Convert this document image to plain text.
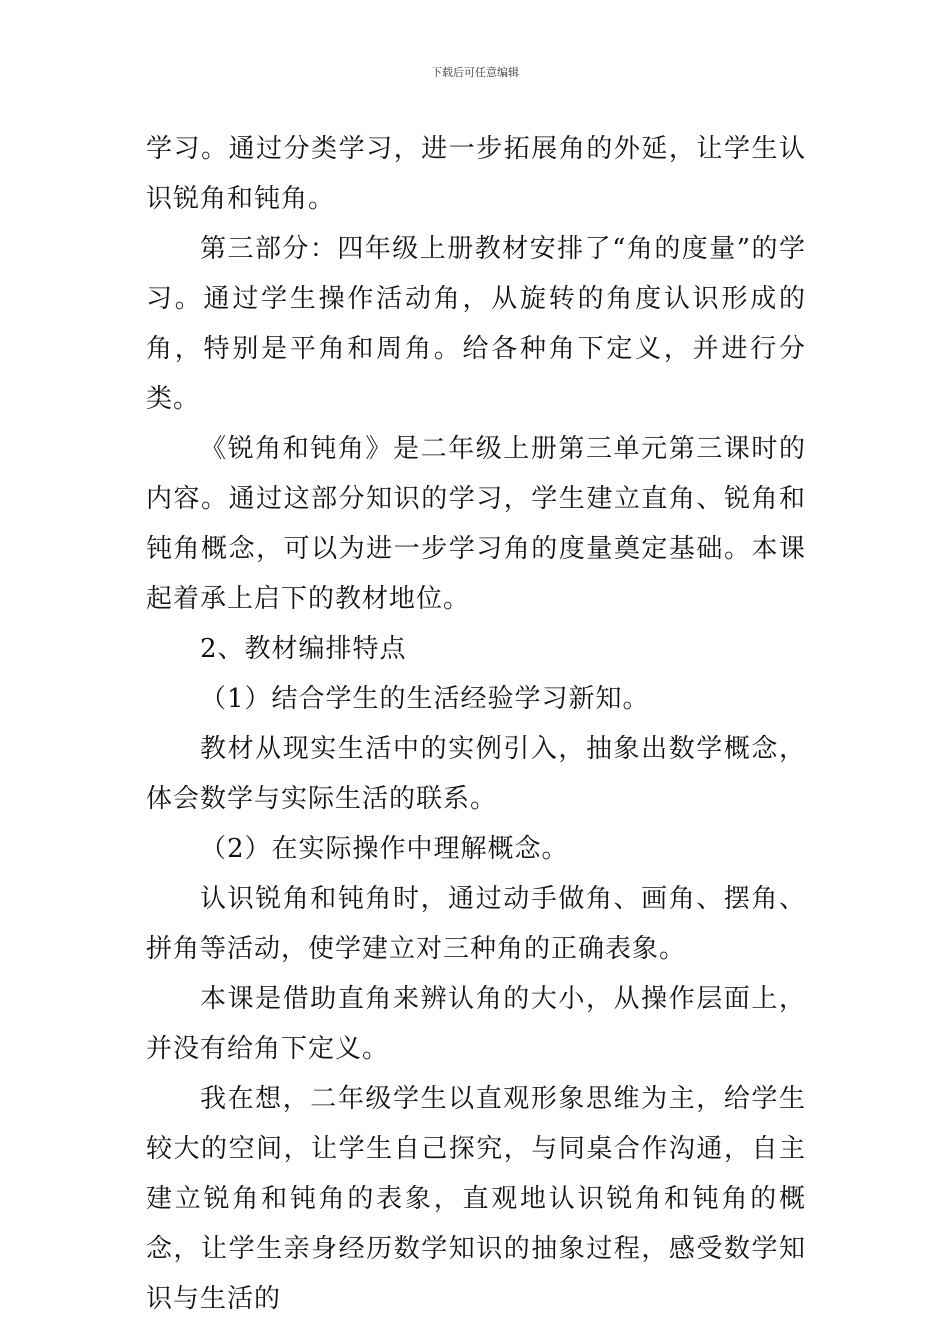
下载后可任意编辑

学习。通过分类学习，进一步拓展角的外延，让学生认识锐角和钝角。

第三部分：四年级上册教材安排了“角的度量”的学习。通过学生操作活动角，从旋转的角度认识形成的角，特别是平角和周角。给各种角下定义，并进行分类。

《锐角和钝角》是二年级上册第三单元第三课时的内容。通过这部分知识的学习，学生建立直角、锐角和钝角概念，可以为进一步学习角的度量奠定基础。本课起着承上启下的教材地位。

2、教材编排特点

（1）结合学生的生活经验学习新知。

教材从现实生活中的实例引入，抽象出数学概念，体会数学与实际生活的联系。

（2）在实际操作中理解概念。

认识锐角和钝角时，通过动手做角、画角、摆角、拼角等活动，使学建立对三种角的正确表象。

本课是借助直角来辨认角的大小，从操作层面上，并没有给角下定义。

我在想，二年级学生以直观形象思维为主，给学生较大的空间，让学生自己探究，与同桌合作沟通，自主建立锐角和钝角的表象，直观地认识锐角和钝角的概念，让学生亲身经历数学知识的抽象过程，感受数学知识与生活的
